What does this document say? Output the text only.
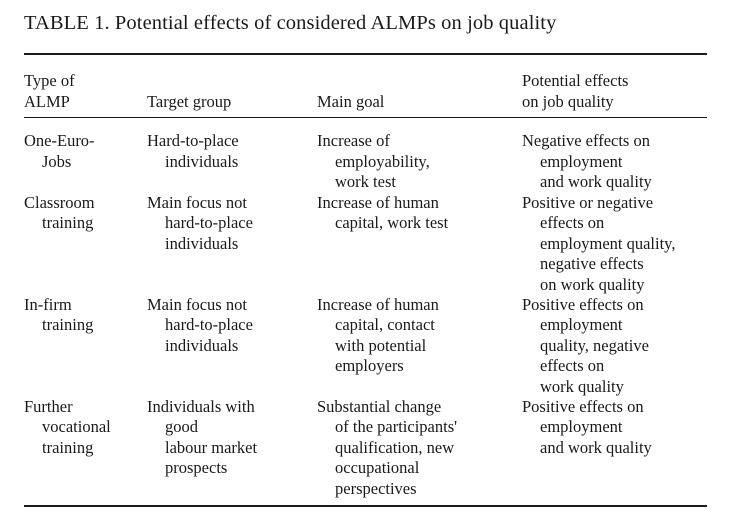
TABLE 1. Potential effects of considered ALMPs on job quality
Type of
ALMP	Target group	Main goal
Potential effects
on job quality
One-Euro-
Jobs
Hard-to-place
individuals
Increase of
employability,
work test
Negative effects on
employment
and work quality
Classroom
training
Main focus not
hard-to-place
individuals
Increase of human
capital, work test
Positive or negative
effects on
employment quality,
negative effects
on work quality
In-firm
training
Main focus not
hard-to-place
individuals
Increase of human
capital, contact
with potential
employers
Positive effects on
employment
quality, negative
effects on
work quality
Further
vocational
training
Individuals with
good
labour market
prospects
Substantial change
of the participants'
qualification, new
occupational
perspectives
Positive effects on
employment
and work quality
